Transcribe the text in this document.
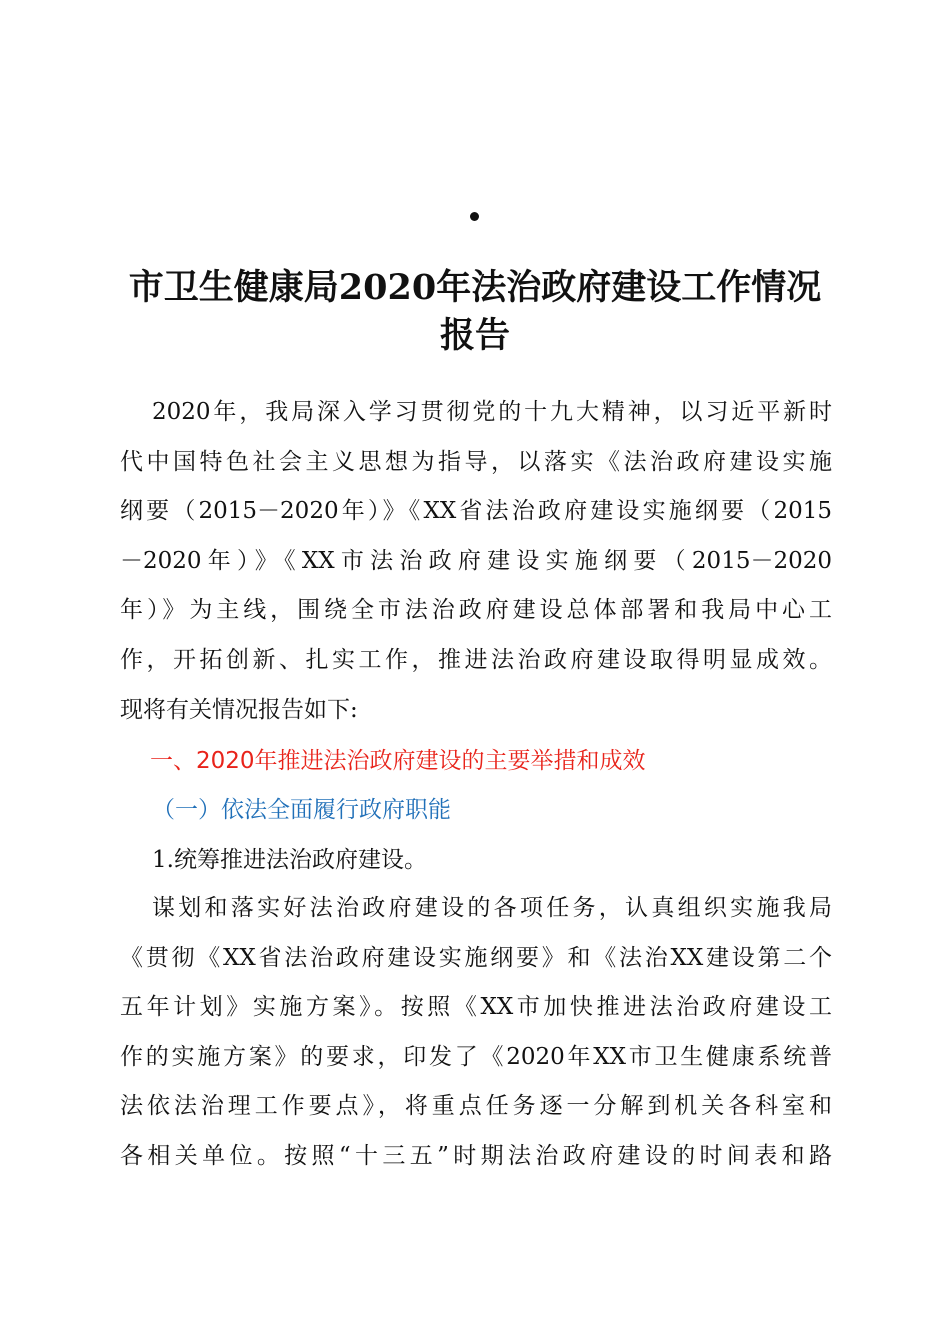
市卫生健康局2020年法治政府建设工作情况
报告
2020年，我局深入学习贯彻党的十九大精神，以习近平新时
代中国特色社会主义思想为指导，以落实《法治政府建设实施
纲要（2015－2020年）》《XX省法治政府建设实施纲要（2015
－2020年）》《XX市法治政府建设实施纲要（2015－2020
年）》为主线，围绕全市法治政府建设总体部署和我局中心工
作，开拓创新、扎实工作，推进法治政府建设取得明显成效。
现将有关情况报告如下:
一、2020年推进法治政府建设的主要举措和成效
（一）依法全面履行政府职能
1.统筹推进法治政府建设。
谋划和落实好法治政府建设的各项任务，认真组织实施我局
《贯彻《XX省法治政府建设实施纲要》和《法治XX建设第二个
五年计划》实施方案》。按照《XX市加快推进法治政府建设工
作的实施方案》的要求，印发了《2020年XX市卫生健康系统普
法依法治理工作要点》，将重点任务逐一分解到机关各科室和
各相关单位。按照“十三五”时期法治政府建设的时间表和路
